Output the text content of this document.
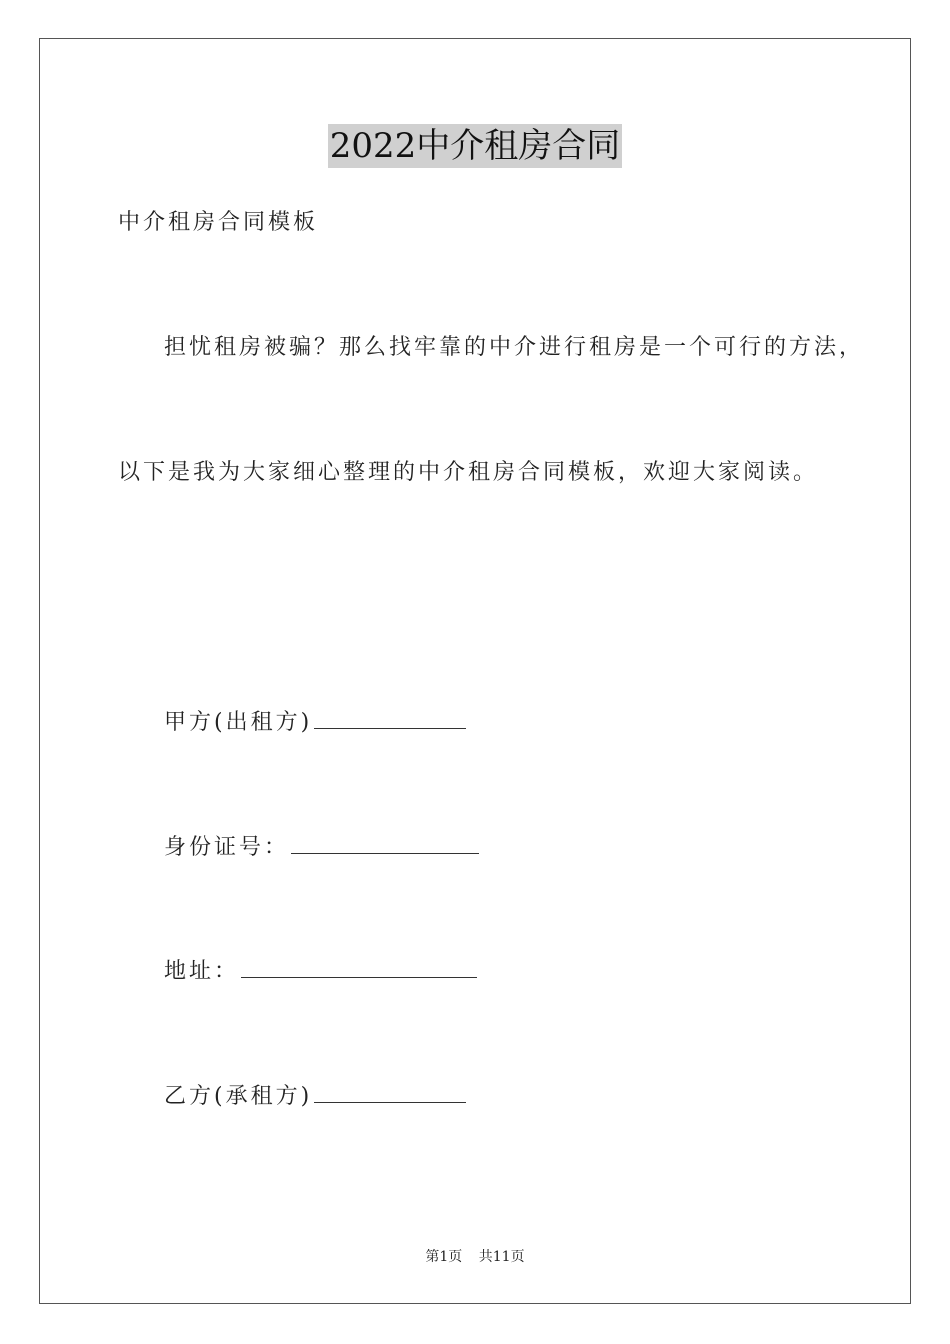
2022中介租房合同
中介租房合同模板
担忧租房被骗？那么找牢靠的中介进行租房是一个可行的方法，
以下是我为大家细心整理的中介租房合同模板，欢迎大家阅读。
甲方(出租方)
身份证号：
地址：
乙方(承租方)
第1页 共11页
